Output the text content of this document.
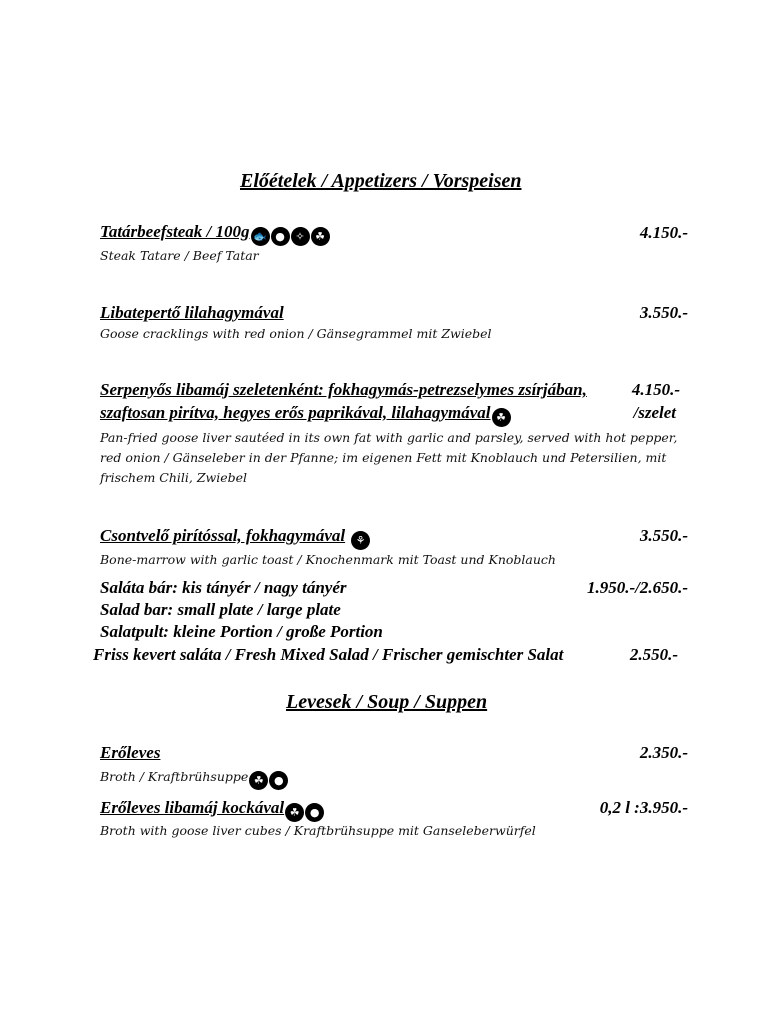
Előételek / Appetizers / Vorspeisen
Tatárbeefsteak / 100g 🐟 ● ✧ ☘	4.150.-
Steak Tatare / Beef Tatar
Libatepertő lilahagymával	3.550.-
Goose cracklings with red onion / Gänsegrammel mit Zwiebel
Serpenyős libamáj szeletenként: fokhagymás-petrezselymes zsírjában,	4.150.-
szaftosan pirítva, hegyes erős paprikával, lilahagymával ☘	/szelet
Pan-fried goose liver sautéed in its own fat with garlic and parsley, served with hot pepper,
red onion / Gänseleber in der Pfanne; im eigenen Fett mit Knoblauch und Petersilien, mit
frischem Chili, Zwiebel
Csontvelő pirítóssal, fokhagymával ⚘	3.550.-
Bone-marrow with garlic toast / Knochenmark mit Toast und Knoblauch
Saláta bár: kis tányér / nagy tányér	1.950.-/2.650.-
Salad bar: small plate / large plate
Salatpult: kleine Portion / große Portion
Friss kevert saláta / Fresh Mixed Salad / Frischer gemischter Salat	2.550.-
Levesek / Soup / Suppen
Erőleves	2.350.-
Broth / Kraftbrühsuppe ☘ ●
Erőleves libamáj kockával ☘ ●	0,2 l :3.950.-
Broth with goose liver cubes / Kraftbrühsuppe mit Ganseleberwürfel
